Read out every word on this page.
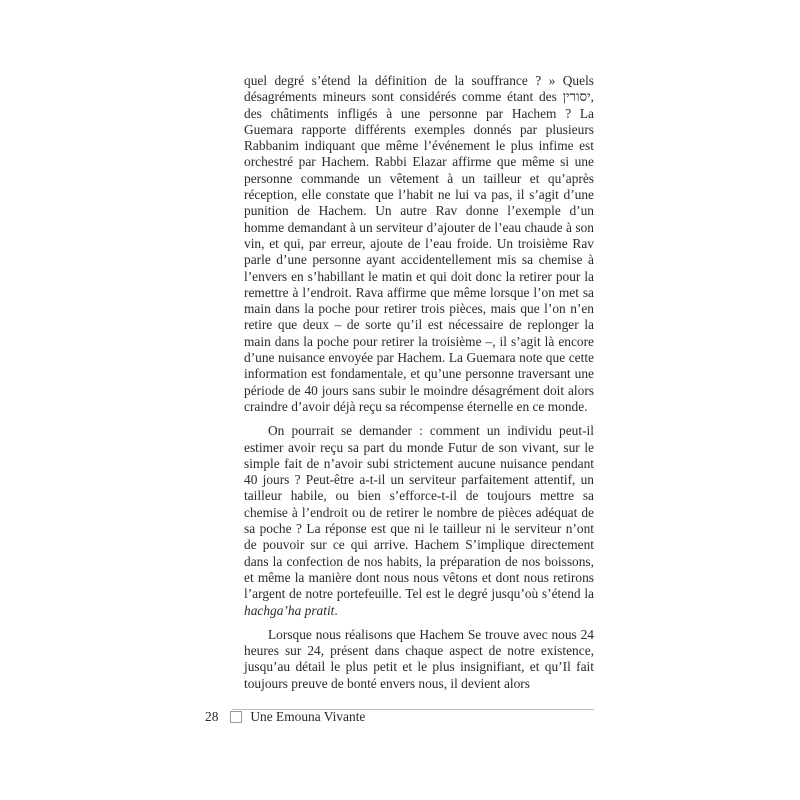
quel degré s’étend la définition de la souffrance ? » Quels désagréments mineurs sont considérés comme étant des יסורין, des châtiments infligés à une personne par Hachem ? La Guemara rapporte différents exemples donnés par plusieurs Rabbanim indiquant que même l’événement le plus infime est orchestré par Hachem. Rabbi Elazar affirme que même si une personne commande un vêtement à un tailleur et qu’après réception, elle constate que l’habit ne lui va pas, il s’agit d’une punition de Hachem. Un autre Rav donne l’exemple d’un homme demandant à un serviteur d’ajouter de l’eau chaude à son vin, et qui, par erreur, ajoute de l’eau froide. Un troisième Rav parle d’une personne ayant accidentellement mis sa chemise à l’envers en s’habillant le matin et qui doit donc la retirer pour la remettre à l’endroit. Rava affirme que même lorsque l’on met sa main dans la poche pour retirer trois pièces, mais que l’on n’en retire que deux – de sorte qu’il est nécessaire de replonger la main dans la poche pour retirer la troisième –, il s’agit là encore d’une nuisance envoyée par Hachem. La Guemara note que cette information est fondamentale, et qu’une personne traversant une période de 40 jours sans subir le moindre désagrément doit alors craindre d’avoir déjà reçu sa récompense éternelle en ce monde.

On pourrait se demander : comment un individu peut-il estimer avoir reçu sa part du monde Futur de son vivant, sur le simple fait de n’avoir subi strictement aucune nuisance pendant 40 jours ? Peut-être a-t-il un serviteur parfaitement attentif, un tailleur habile, ou bien s’efforce-t-il de toujours mettre sa chemise à l’endroit ou de retirer le nombre de pièces adéquat de sa poche ? La réponse est que ni le tailleur ni le serviteur n’ont de pouvoir sur ce qui arrive. Hachem S’implique directement dans la confection de nos habits, la préparation de nos boissons, et même la manière dont nous nous vêtons et dont nous retirons l’argent de notre portefeuille. Tel est le degré jusqu’où s’étend la hachga’ha pratit.

Lorsque nous réalisons que Hachem Se trouve avec nous 24 heures sur 24, présent dans chaque aspect de notre existence, jusqu’au détail le plus petit et le plus insignifiant, et qu’Il fait toujours preuve de bonté envers nous, il devient alors

28 Une Emouna Vivante
